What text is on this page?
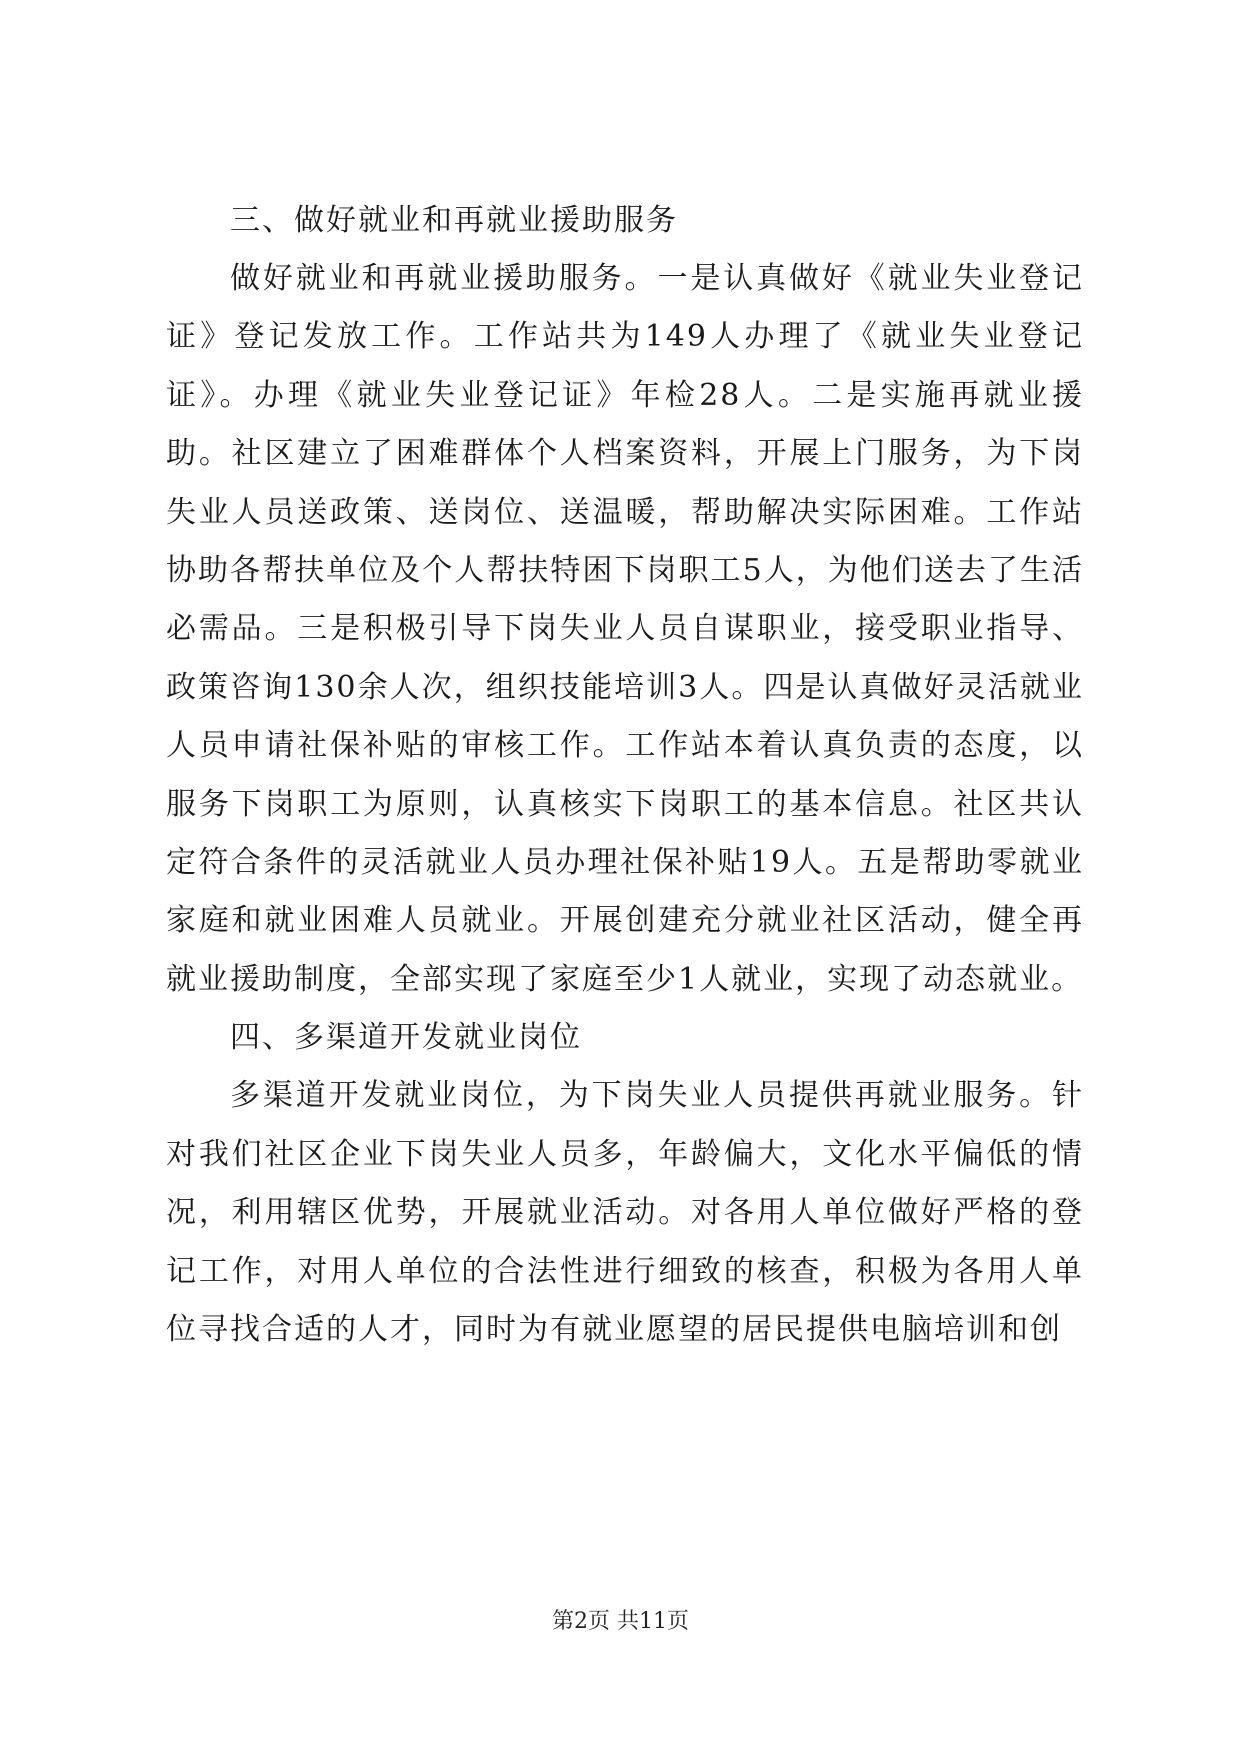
三、做好就业和再就业援助服务

做好就业和再就业援助服务。一是认真做好《就业失业登记证》登记发放工作。工作站共为149人办理了《就业失业登记证》。办理《就业失业登记证》年检28人。二是实施再就业援助。社区建立了困难群体个人档案资料，开展上门服务，为下岗失业人员送政策、送岗位、送温暖，帮助解决实际困难。工作站协助各帮扶单位及个人帮扶特困下岗职工5人，为他们送去了生活必需品。三是积极引导下岗失业人员自谋职业，接受职业指导、政策咨询130余人次，组织技能培训3人。四是认真做好灵活就业人员申请社保补贴的审核工作。工作站本着认真负责的态度，以服务下岗职工为原则，认真核实下岗职工的基本信息。社区共认定符合条件的灵活就业人员办理社保补贴19人。五是帮助零就业家庭和就业困难人员就业。开展创建充分就业社区活动，健全再就业援助制度，全部实现了家庭至少1人就业，实现了动态就业。

四、多渠道开发就业岗位

多渠道开发就业岗位，为下岗失业人员提供再就业服务。针对我们社区企业下岗失业人员多，年龄偏大，文化水平偏低的情况，利用辖区优势，开展就业活动。对各用人单位做好严格的登记工作，对用人单位的合法性进行细致的核查，积极为各用人单位寻找合适的人才，同时为有就业愿望的居民提供电脑培训和创

第2页 共11页
